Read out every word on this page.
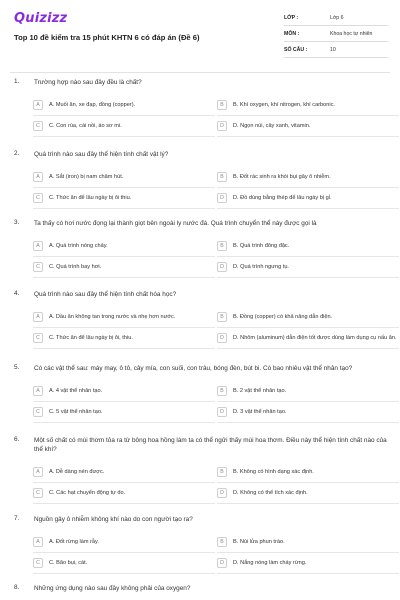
Quizizz
Top 10 đề kiểm tra 15 phút KHTN 6 có đáp án (Đề 6)
LỚP :	Lớp 6
MÔN :	Khoa học tự nhiên
SỐ CÂU :	10
1.	Trường hợp nào sau đây đều là chất?
A	A. Muối ăn, xe đạp, đồng (copper).	B	B. Khí oxygen, khí nitrogen, khí carbonic.
C	C. Con rùa, cái nồi, áo sơ mi.	D	D. Ngọn núi, cây xanh, vitamin.
2.	Quá trình nào sau đây thể hiện tính chất vật lý?
A	A. Sắt (iron) bị nam châm hút.	B	B. Đốt rác sinh ra khói bụi gây ô nhiễm.
C	C. Thức ăn để lâu ngày bị ôi thiu.	D	D. Đồ dùng bằng thép để lâu ngày bị gỉ.
3.	Ta thấy có hơi nước đọng lại thành giọt bên ngoài ly nước đá. Quá trình chuyển thể này được gọi là
A	A. Quá trình nóng chảy.	B	B. Quá trình đông đặc.
C	C. Quá trình bay hơi.	D	D. Quá trình ngưng tụ.
4.	Quá trình nào sau đây thể hiện tính chất hóa học?
A	A. Dầu ăn không tan trong nước và nhẹ hơn nước.	B	B. Đồng (copper) có khả năng dẫn điện.
C	C. Thức ăn để lâu ngày bị ôi, thiu.	D	D. Nhôm (aluminum) dẫn điện tốt được dùng làm dụng cụ nấu ăn.
5.	Có các vật thể sau: máy may, ô tô, cây mía, con suối, con trâu, bóng đèn, bút bi. Có bao nhiêu vật thể nhân tạo?
A	A. 4 vật thể nhân tạo.	B	B. 2 vật thể nhân tạo.
C	C. 5 vật thể nhân tạo.	D	D. 3 vật thể nhân tạo.
6.	Một số chất có mùi thơm tỏa ra từ bông hoa hồng làm ta có thể ngửi thấy mùi hoa thơm. Điều này thể hiện tính chất nào của thể khí?
A	A. Dễ dàng nén được.	B	B. Không có hình dạng xác định.
C	C. Các hạt chuyển động tự do.	D	D. Không có thể tích xác định.
7.	Nguồn gây ô nhiễm không khí nào do con người tạo ra?
A	A. Đốt rừng làm rẫy.	B	B. Núi lửa phun trào.
C	C. Bão bụi, cát.	D	D. Nắng nóng làm cháy rừng.
8.	Những ứng dụng nào sau đây không phải của oxygen?
